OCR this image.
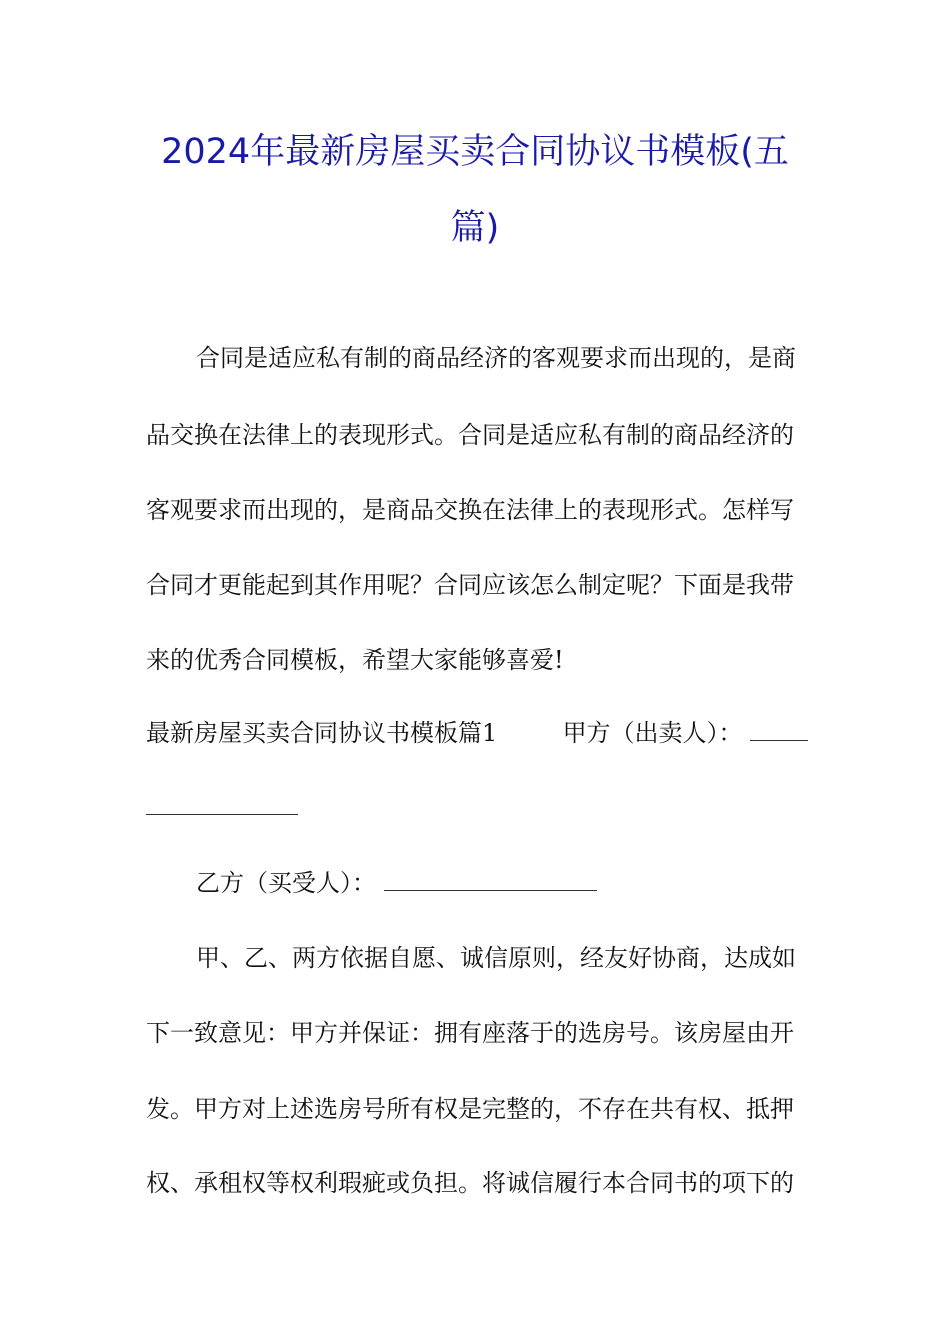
2024年最新房屋买卖合同协议书模板(五
篇)
合同是适应私有制的商品经济的客观要求而出现的，是商
品交换在法律上的表现形式。合同是适应私有制的商品经济的
客观要求而出现的，是商品交换在法律上的表现形式。怎样写
合同才更能起到其作用呢？合同应该怎么制定呢？下面是我带
来的优秀合同模板，希望大家能够喜爱!
最新房屋买卖合同协议书模板篇1	甲方（出卖人）：
乙方（买受人）：
甲、乙、两方依据自愿、诚信原则，经友好协商，达成如
下一致意见：甲方并保证：拥有座落于的选房号。该房屋由开
发。甲方对上述选房号所有权是完整的，不存在共有权、抵押
权、承租权等权利瑕疵或负担。将诚信履行本合同书的项下的
